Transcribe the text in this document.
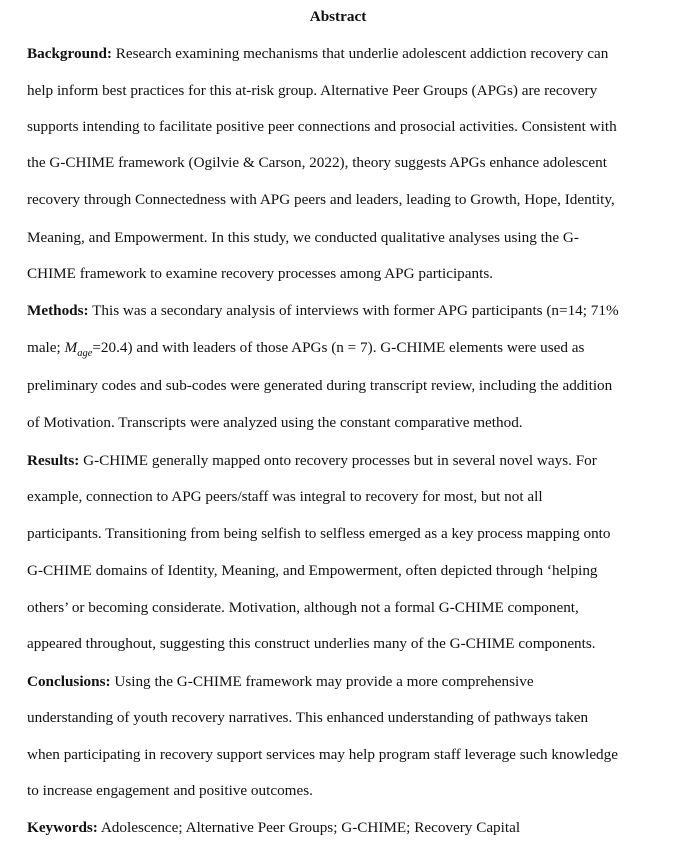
Abstract
Background: Research examining mechanisms that underlie adolescent addiction recovery can
help inform best practices for this at-risk group. Alternative Peer Groups (APGs) are recovery
supports intending to facilitate positive peer connections and prosocial activities. Consistent with
the G-CHIME framework (Ogilvie & Carson, 2022), theory suggests APGs enhance adolescent
recovery through Connectedness with APG peers and leaders, leading to Growth, Hope, Identity,
Meaning, and Empowerment. In this study, we conducted qualitative analyses using the G-
CHIME framework to examine recovery processes among APG participants.
Methods: This was a secondary analysis of interviews with former APG participants (n=14; 71%
male; $M_{age}=20.4$) and with leaders of those APGs (n = 7). G-CHIME elements were used as
preliminary codes and sub-codes were generated during transcript review, including the addition
of Motivation. Transcripts were analyzed using the constant comparative method.
Results: G-CHIME generally mapped onto recovery processes but in several novel ways. For
example, connection to APG peers/staff was integral to recovery for most, but not all
participants. Transitioning from being selfish to selfless emerged as a key process mapping onto
G-CHIME domains of Identity, Meaning, and Empowerment, often depicted through ‘helping
others’ or becoming considerate. Motivation, although not a formal G-CHIME component,
appeared throughout, suggesting this construct underlies many of the G-CHIME components.
Conclusions: Using the G-CHIME framework may provide a more comprehensive
understanding of youth recovery narratives. This enhanced understanding of pathways taken
when participating in recovery support services may help program staff leverage such knowledge
to increase engagement and positive outcomes.
Keywords: Adolescence; Alternative Peer Groups; G-CHIME; Recovery Capital
